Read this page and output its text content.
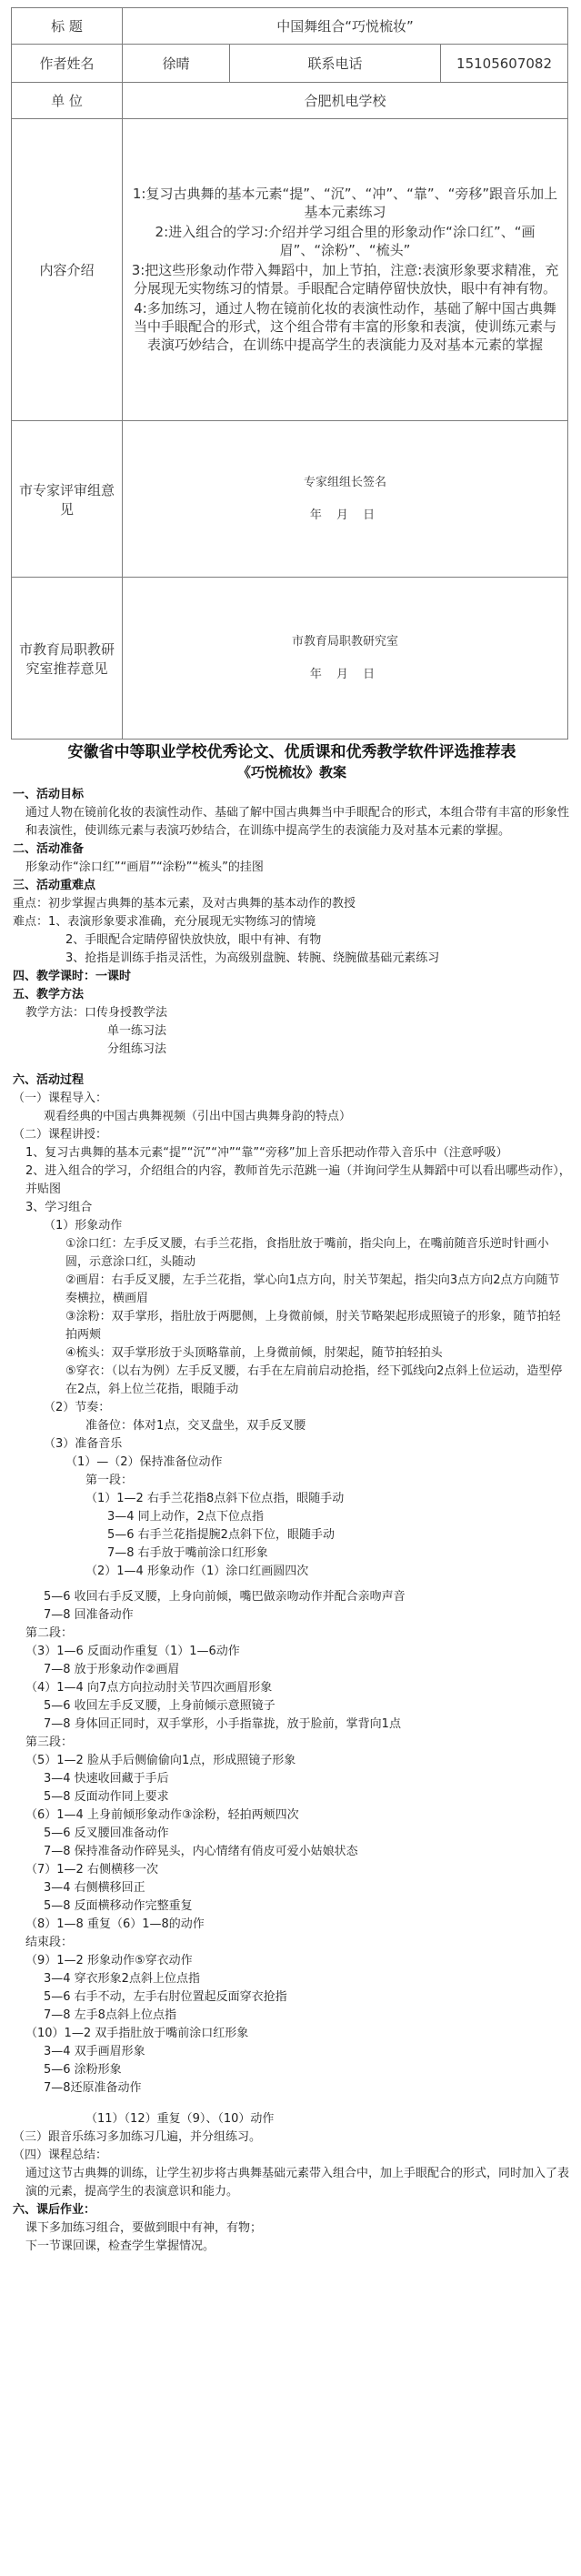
标 题	中国舞组合“巧悦梳妆”		
作者姓名	徐晴	联系电话	15105607082
单 位	合肥机电学校		
内容介绍	1:复习古典舞的基本元素“提”、“沉”、“冲”、“靠”、“旁移”跟音乐加上基本元素练习

2:进入组合的学习:介绍并学习组合里的形象动作“涂口红”、“画眉”、“涂粉”、“梳头”

3:把这些形象动作带入舞蹈中，加上节拍，注意:表演形象要求精准，充分展现无实物练习的情景。手眼配合定睛停留快放快，眼中有神有物。

4:多加练习，通过人物在镜前化妆的表演性动作，基础了解中国古典舞当中手眼配合的形式，这个组合带有丰富的形象和表演，使训练元素与表演巧妙结合，在训练中提高学生的表演能力及对基本元素的掌握		

市专家评审组意见	专家组组长签名
年 月 日		

市教育局职教研究室推荐意见	市教育局职教研究室
年 月 日		
安徽省中等职业学校优秀论文、优质课和优秀教学软件评选推荐表
《巧悦梳妆》教案
一、活动目标
通过人物在镜前化妆的表演性动作、基础了解中国古典舞当中手眼配合的形式，本组合带有丰富的形象性和表演性，使训练元素与表演巧妙结合，在训练中提高学生的表演能力及对基本元素的掌握。
二、活动准备
形象动作“涂口红”“画眉”“涂粉”“梳头”的挂图
三、活动重难点
重点：初步掌握古典舞的基本元素，及对古典舞的基本动作的教授
难点：1、表演形象要求准确，充分展现无实物练习的情境
2、手眼配合定睛停留快放快放，眼中有神、有物
3、抢指是训练手指灵活性，为高级别盘腕、转腕、绕腕做基础元素练习
四、教学课时：一课时
五、教学方法
教学方法：口传身授教学法
单一练习法
分组练习法
六、活动过程
（一）课程导入：
观看经典的中国古典舞视频（引出中国古典舞身韵的特点）
（二）课程讲授：
1、复习古典舞的基本元素“提”“沉”“冲”“靠”“旁移”加上音乐把动作带入音乐中（注意呼吸）
2、进入组合的学习，介绍组合的内容，教师首先示范跳一遍（并询问学生从舞蹈中可以看出哪些动作），并贴图
3、学习组合
（1）形象动作
①涂口红：左手反叉腰，右手兰花指，食指肚放于嘴前，指尖向上，在嘴前随音乐逆时针画小圆，示意涂口红，头随动
②画眉：右手反叉腰，左手兰花指，掌心向1点方向，肘关节架起，指尖向3点方向2点方向随节奏横拉，横画眉
③涂粉：双手掌形，指肚放于两腮侧，上身微前倾，肘关节略架起形成照镜子的形象，随节拍轻拍两颊
④梳头：双手掌形放于头顶略靠前，上身微前倾，肘架起，随节拍轻拍头
⑤穿衣：（以右为例）左手反叉腰，右手在左肩前启动抢指，经下弧线向2点斜上位运动，造型停在2点，斜上位兰花指，眼随手动
（2）节奏：
准备位：体对1点，交叉盘坐，双手反叉腰
（3）准备音乐
（1）—（2）保持准备位动作
第一段：
（1）1—2 右手兰花指8点斜下位点指，眼随手动
3—4 同上动作，2点下位点指
5—6 右手兰花指提腕2点斜下位，眼随手动
7—8 右手放于嘴前涂口红形象
（2）1—4 形象动作（1）涂口红画圆四次
5—6 收回右手反叉腰，上身向前倾，嘴巴做亲吻动作并配合亲吻声音
7—8 回准备动作
第二段：
（3）1—6 反面动作重复（1）1—6动作
7—8 放于形象动作②画眉
（4）1—4 向7点方向拉动肘关节四次画眉形象
5—6 收回左手反叉腰，上身前倾示意照镜子
7—8 身体回正同时，双手掌形，小手指靠拢，放于脸前，掌背向1点
第三段：
（5）1—2 脸从手后侧偷偷向1点，形成照镜子形象
3—4 快速收回藏于手后
5—8 反面动作同上要求
（6）1—4 上身前倾形象动作③涂粉，轻拍两颊四次
5—6 反叉腰回准备动作
7—8 保持准备动作碎晃头，内心情绪有俏皮可爱小姑娘状态
（7）1—2 右侧横移一次
3—4 右侧横移回正
5—8 反面横移动作完整重复
（8）1—8 重复（6）1—8的动作
结束段：
（9）1—2 形象动作⑤穿衣动作
3—4 穿衣形象2点斜上位点指
5—6 右手不动，左手右肘位置起反面穿衣抢指
7—8 左手8点斜上位点指
（10）1—2 双手指肚放于嘴前涂口红形象
3—4 双手画眉形象
5—6 涂粉形象
7—8还原准备动作
（11）（12）重复（9）、（10）动作
（三）跟音乐练习多加练习几遍，并分组练习。
（四）课程总结：
通过这节古典舞的训练，让学生初步将古典舞基础元素带入组合中，加上手眼配合的形式，同时加入了表演的元素，提高学生的表演意识和能力。
六、课后作业：
课下多加练习组合，要做到眼中有神，有物；
下一节课回课，检查学生掌握情况。
